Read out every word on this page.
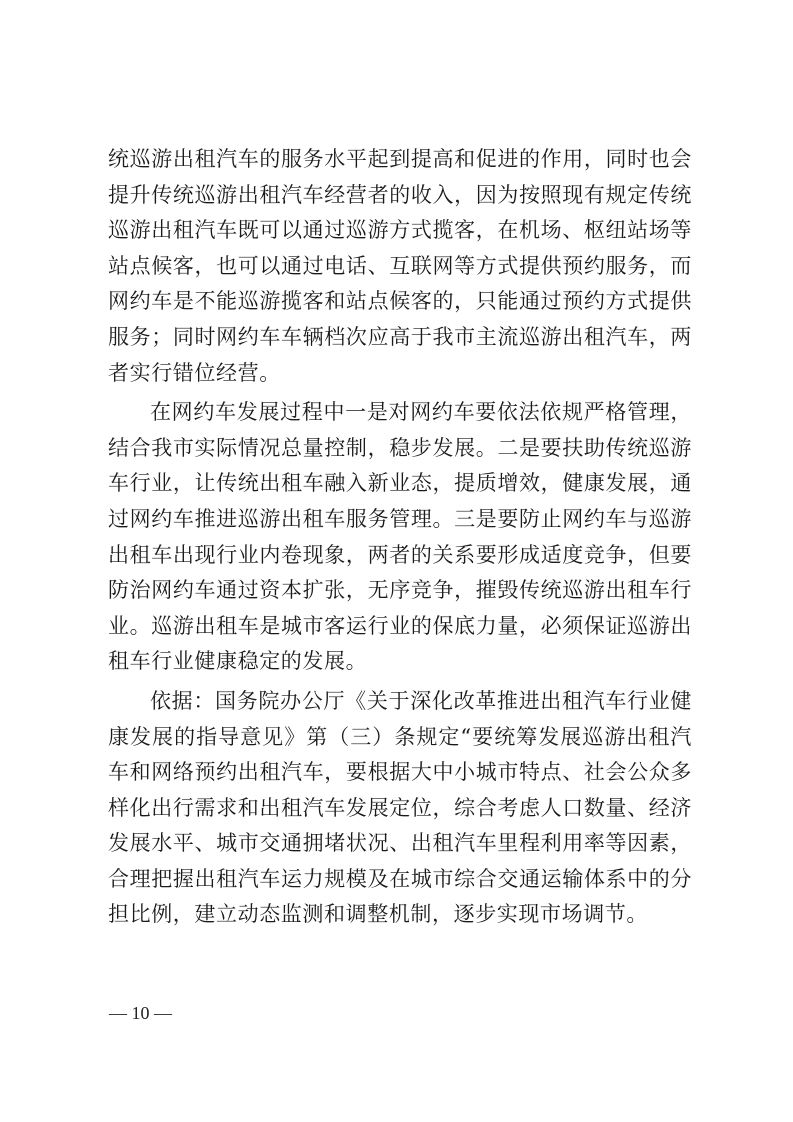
统巡游出租汽车的服务水平起到提高和促进的作用，同时也会提升传统巡游出租汽车经营者的收入，因为按照现有规定传统巡游出租汽车既可以通过巡游方式揽客，在机场、枢纽站场等站点候客，也可以通过电话、互联网等方式提供预约服务，而网约车是不能巡游揽客和站点候客的，只能通过预约方式提供服务；同时网约车车辆档次应高于我市主流巡游出租汽车，两者实行错位经营。

在网约车发展过程中一是对网约车要依法依规严格管理，结合我市实际情况总量控制，稳步发展。二是要扶助传统巡游车行业，让传统出租车融入新业态，提质增效，健康发展，通过网约车推进巡游出租车服务管理。三是要防止网约车与巡游出租车出现行业内卷现象，两者的关系要形成适度竞争，但要防治网约车通过资本扩张，无序竞争，摧毁传统巡游出租车行业。巡游出租车是城市客运行业的保底力量，必须保证巡游出租车行业健康稳定的发展。

依据：国务院办公厅《关于深化改革推进出租汽车行业健康发展的指导意见》第（三）条规定“要统筹发展巡游出租汽车和网络预约出租汽车，要根据大中小城市特点、社会公众多样化出行需求和出租汽车发展定位，综合考虑人口数量、经济发展水平、城市交通拥堵状况、出租汽车里程利用率等因素，合理把握出租汽车运力规模及在城市综合交通运输体系中的分担比例，建立动态监测和调整机制，逐步实现市场调节。

— 10 —
